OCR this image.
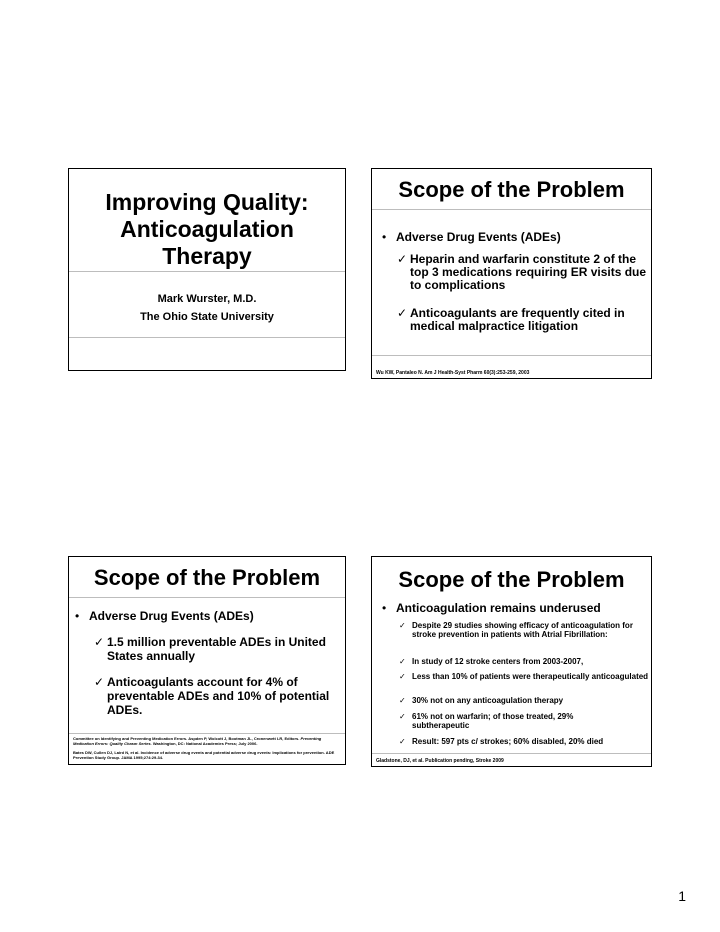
Improving Quality: Anticoagulation Therapy
Mark Wurster, M.D.
The Ohio State University
Scope of the Problem
• Adverse Drug Events (ADEs)
✓ Heparin and warfarin constitute 2 of the top 3 medications requiring ER visits due to complications
✓ Anticoagulants are frequently cited in medical malpractice litigation
Wu KW, Pantaleo N. Am J Health-Syst Pharm 60(3):253-259, 2003
Scope of the Problem
• Adverse Drug Events (ADEs)
✓ 1.5 million preventable ADEs in United States annually
✓ Anticoagulants account for 4% of preventable ADEs and 10% of potential ADEs.
Committee on Identifying and Preventing Medication Errors. Aspden P, Wolcott J, Bootman JL, Cronenwett LR, Editors. Preventing Medication Errors: Quality Chasm Series. Washington, DC: National Academies Press; July 2006.
Bates DW, Cullen DJ, Laird N, et al. Incidence of adverse drug events and potential adverse drug events: Implications for prevention. ADE Prevention Study Group. JAMA 1995;274:29-34.
Scope of the Problem
• Anticoagulation remains underused
✓ Despite 29 studies showing efficacy of anticoagulation for stroke prevention in patients with Atrial Fibrillation:
✓ In study of 12 stroke centers from 2003-2007,
✓ Less than 10% of patients were therapeutically anticoagulated
✓ 30% not on any anticoagulation therapy
✓ 61% not on warfarin; of those treated, 29% subtherapeutic
✓ Result: 597 pts c/ strokes; 60% disabled, 20% died
Gladstone, DJ, et al. Publication pending, Stroke 2009
1
